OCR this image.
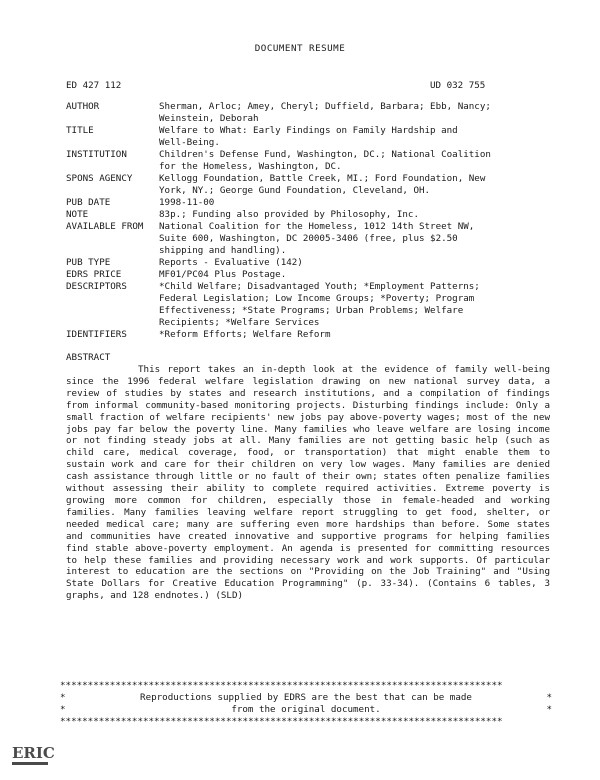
DOCUMENT RESUME
ED 427 112	UD 032 755
AUTHOR	Sherman, Arloc; Amey, Cheryl; Duffield, Barbara; Ebb, Nancy;
Weinstein, Deborah
TITLE	Welfare to What: Early Findings on Family Hardship and
Well-Being.
INSTITUTION	Children's Defense Fund, Washington, DC.; National Coalition
for the Homeless, Washington, DC.
SPONS AGENCY	Kellogg Foundation, Battle Creek, MI.; Ford Foundation, New
York, NY.; George Gund Foundation, Cleveland, OH.
PUB DATE	1998-11-00
NOTE	83p.; Funding also provided by Philosophy, Inc.
AVAILABLE FROM	National Coalition for the Homeless, 1012 14th Street NW,
Suite 600, Washington, DC 20005-3406 (free, plus $2.50
shipping and handling).
PUB TYPE	Reports - Evaluative (142)
EDRS PRICE	MF01/PC04 Plus Postage.
DESCRIPTORS	*Child Welfare; Disadvantaged Youth; *Employment Patterns;
Federal Legislation; Low Income Groups; *Poverty; Program
Effectiveness; *State Programs; Urban Problems; Welfare
Recipients; *Welfare Services
IDENTIFIERS	*Reform Efforts; Welfare Reform
ABSTRACT
This report takes an in-depth look at the evidence of family well-being since the 1996 federal welfare legislation drawing on new national survey data, a review of studies by states and research institutions, and a compilation of findings from informal community-based monitoring projects. Disturbing findings include: Only a small fraction of welfare recipients' new jobs pay above-poverty wages; most of the new jobs pay far below the poverty line. Many families who leave welfare are losing income or not finding steady jobs at all. Many families are not getting basic help (such as child care, medical coverage, food, or transportation) that might enable them to sustain work and care for their children on very low wages. Many families are denied cash assistance through little or no fault of their own; states often penalize families without assessing their ability to complete required activities. Extreme poverty is growing more common for children, especially those in female-headed and working families. Many families leaving welfare report struggling to get food, shelter, or needed medical care; many are suffering even more hardships than before. Some states and communities have created innovative and supportive programs for helping families find stable above-poverty employment. An agenda is presented for committing resources to help these families and providing necessary work and work supports. Of particular interest to education are the sections on "Providing on the Job Training" and "Using State Dollars for Creative Education Programming" (p. 33-34). (Contains 6 tables, 3 graphs, and 128 endnotes.) (SLD)
********************************************************************************
*	Reproductions supplied by EDRS are the best that can be made	*
*	from the original document.	*
********************************************************************************
ERIC
